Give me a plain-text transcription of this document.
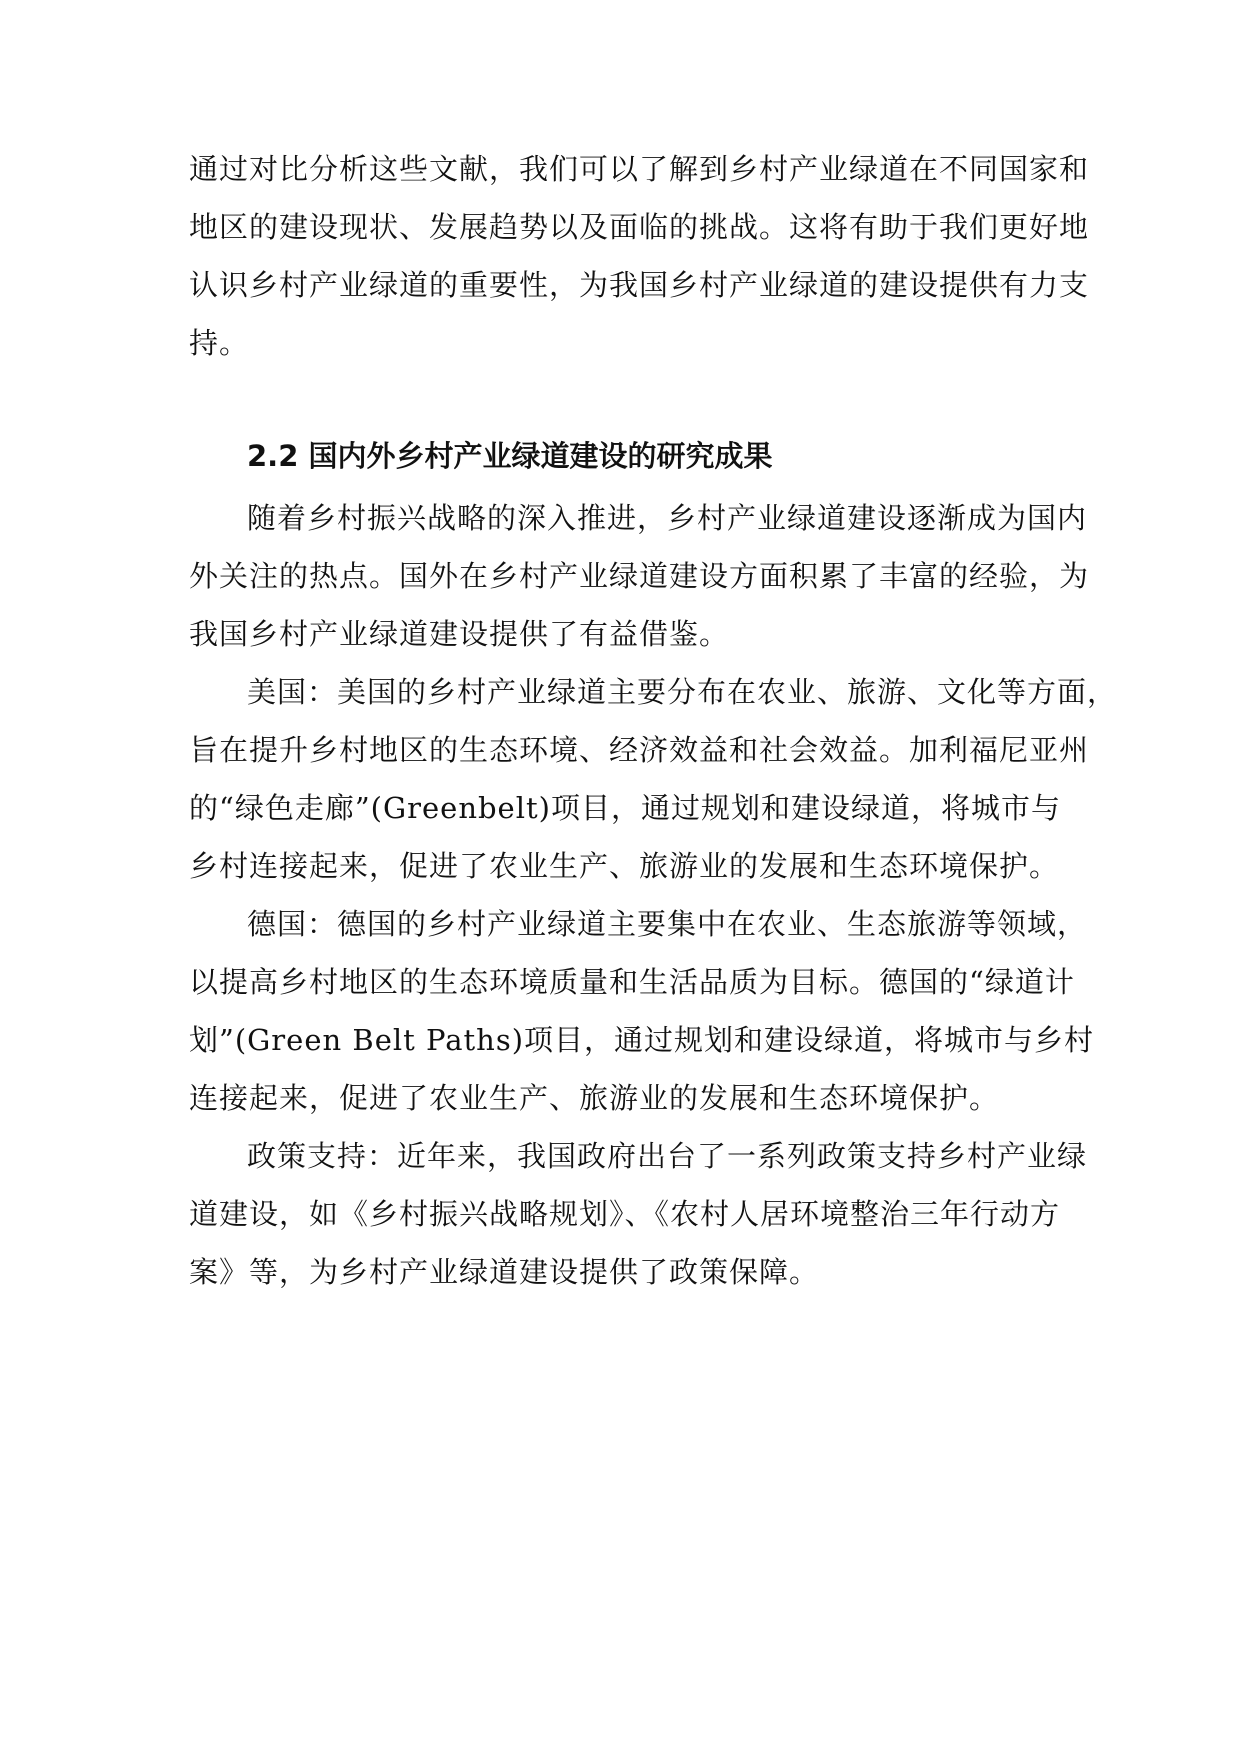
通过对比分析这些文献，我们可以了解到乡村产业绿道在不同国家和
地区的建设现状、发展趋势以及面临的挑战。这将有助于我们更好地
认识乡村产业绿道的重要性，为我国乡村产业绿道的建设提供有力支
持。
2.2 国内外乡村产业绿道建设的研究成果
随着乡村振兴战略的深入推进，乡村产业绿道建设逐渐成为国内
外关注的热点。国外在乡村产业绿道建设方面积累了丰富的经验，为
我国乡村产业绿道建设提供了有益借鉴。
美国：美国的乡村产业绿道主要分布在农业、旅游、文化等方面，
旨在提升乡村地区的生态环境、经济效益和社会效益。加利福尼亚州
的“绿色走廊”(Greenbelt)项目，通过规划和建设绿道，将城市与
乡村连接起来，促进了农业生产、旅游业的发展和生态环境保护。
德国：德国的乡村产业绿道主要集中在农业、生态旅游等领域，
以提高乡村地区的生态环境质量和生活品质为目标。德国的“绿道计
划”(Green Belt Paths)项目，通过规划和建设绿道，将城市与乡村
连接起来，促进了农业生产、旅游业的发展和生态环境保护。
政策支持：近年来，我国政府出台了一系列政策支持乡村产业绿
道建设，如《乡村振兴战略规划》、《农村人居环境整治三年行动方
案》等，为乡村产业绿道建设提供了政策保障。
